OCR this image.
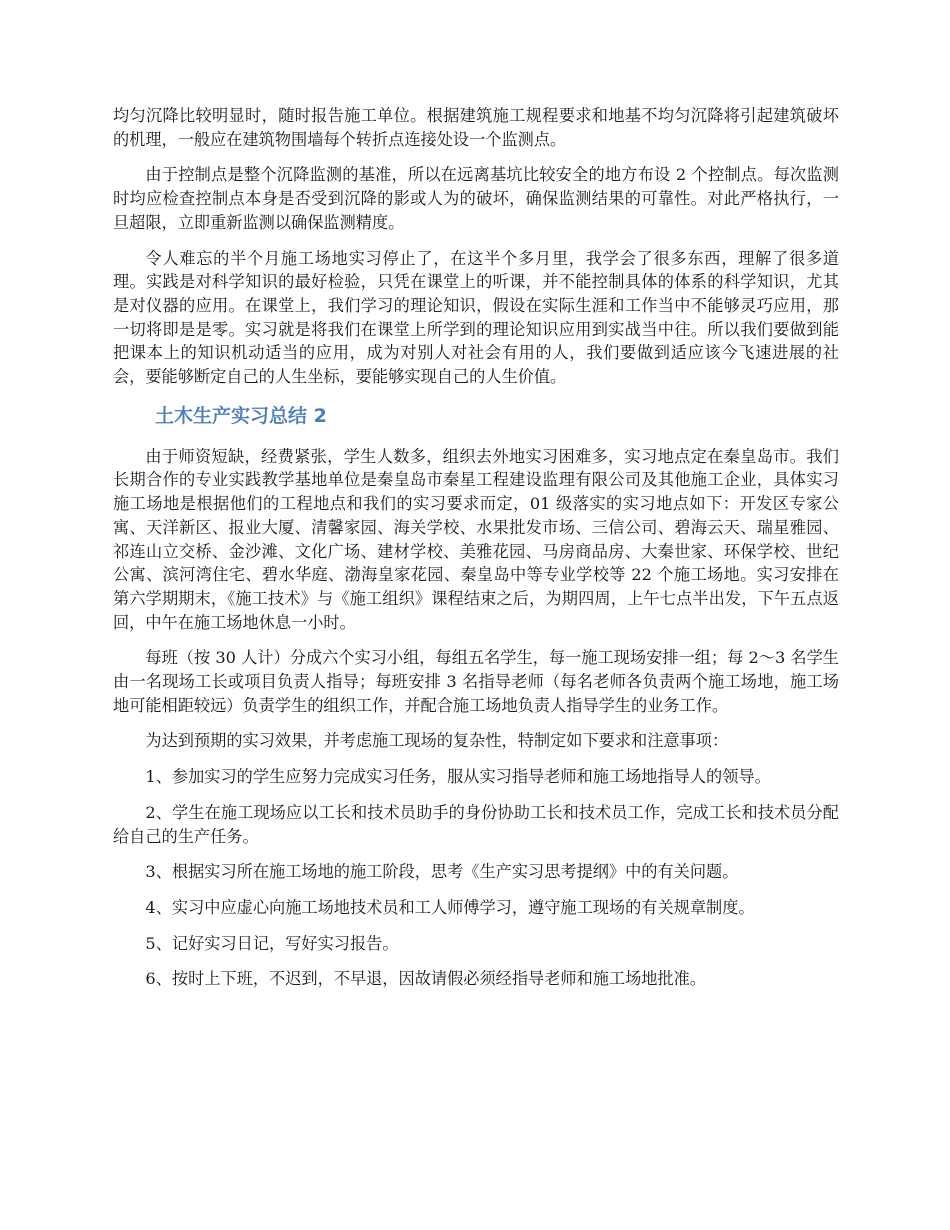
均匀沉降比较明显时，随时报告施工单位。根据建筑施工规程要求和地基不均匀沉降将引起建筑破坏的机理，一般应在建筑物围墙每个转折点连接处设一个监测点。

由于控制点是整个沉降监测的基准，所以在远离基坑比较安全的地方布设 2 个控制点。每次监测时均应检查控制点本身是否受到沉降的影或人为的破坏，确保监测结果的可靠性。对此严格执行，一旦超限，立即重新监测以确保监测精度。

令人难忘的半个月施工场地实习停止了，在这半个多月里，我学会了很多东西，理解了很多道理。实践是对科学知识的最好检验，只凭在课堂上的听课，并不能控制具体的体系的科学知识，尤其是对仪器的应用。在课堂上，我们学习的理论知识，假设在实际生涯和工作当中不能够灵巧应用，那一切将即是是零。实习就是将我们在课堂上所学到的理论知识应用到实战当中往。所以我们要做到能把课本上的知识机动适当的应用，成为对别人对社会有用的人，我们要做到适应该今飞速进展的社会，要能够断定自己的人生坐标，要能够实现自己的人生价值。

土木生产实习总结 2

由于师资短缺，经费紧张，学生人数多，组织去外地实习困难多，实习地点定在秦皇岛市。我们长期合作的专业实践教学基地单位是秦皇岛市秦星工程建设监理有限公司及其他施工企业，具体实习施工场地是根据他们的工程地点和我们的实习要求而定，01 级落实的实习地点如下：开发区专家公寓、天洋新区、报业大厦、清馨家园、海关学校、水果批发市场、三信公司、碧海云天、瑞星雅园、祁连山立交桥、金沙滩、文化广场、建材学校、美雅花园、马房商品房、大秦世家、环保学校、世纪公寓、滨河湾住宅、碧水华庭、渤海皇家花园、秦皇岛中等专业学校等 22 个施工场地。实习安排在第六学期期末，《施工技术》与《施工组织》课程结束之后，为期四周，上午七点半出发，下午五点返回，中午在施工场地休息一小时。

每班（按 30 人计）分成六个实习小组，每组五名学生，每一施工现场安排一组；每 2～3 名学生由一名现场工长或项目负责人指导；每班安排 3 名指导老师（每名老师各负责两个施工场地，施工场地可能相距较远）负责学生的组织工作，并配合施工场地负责人指导学生的业务工作。

为达到预期的实习效果，并考虑施工现场的复杂性，特制定如下要求和注意事项：

1、参加实习的学生应努力完成实习任务，服从实习指导老师和施工场地指导人的领导。

2、学生在施工现场应以工长和技术员助手的身份协助工长和技术员工作，完成工长和技术员分配给自己的生产任务。

3、根据实习所在施工场地的施工阶段，思考《生产实习思考提纲》中的有关问题。

4、实习中应虚心向施工场地技术员和工人师傅学习，遵守施工现场的有关规章制度。

5、记好实习日记，写好实习报告。

6、按时上下班，不迟到，不早退，因故请假必须经指导老师和施工场地批准。
